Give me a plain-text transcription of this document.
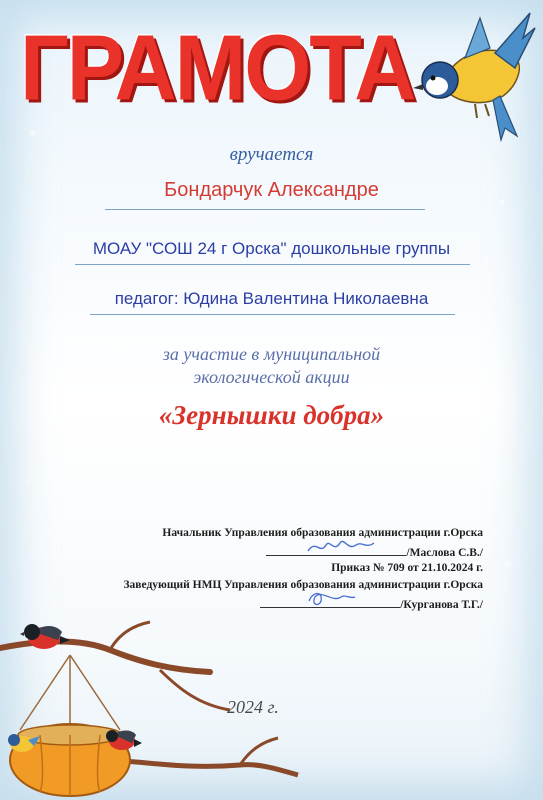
ГРАМОТА
вручается
Бондарчук Александре
МОАУ "СОШ 24 г Орска" дошкольные группы
педагог: Юдина Валентина Николаевна
за участие в муниципальной
экологической акции
«Зернышки добра»
Начальник Управления образования администрации г.Орска
/Маслова С.В./
Приказ № 709 от 21.10.2024 г.
Заведующий НМЦ Управления образования администрации г.Орска
/Курганова Т.Г./
2024 г.
